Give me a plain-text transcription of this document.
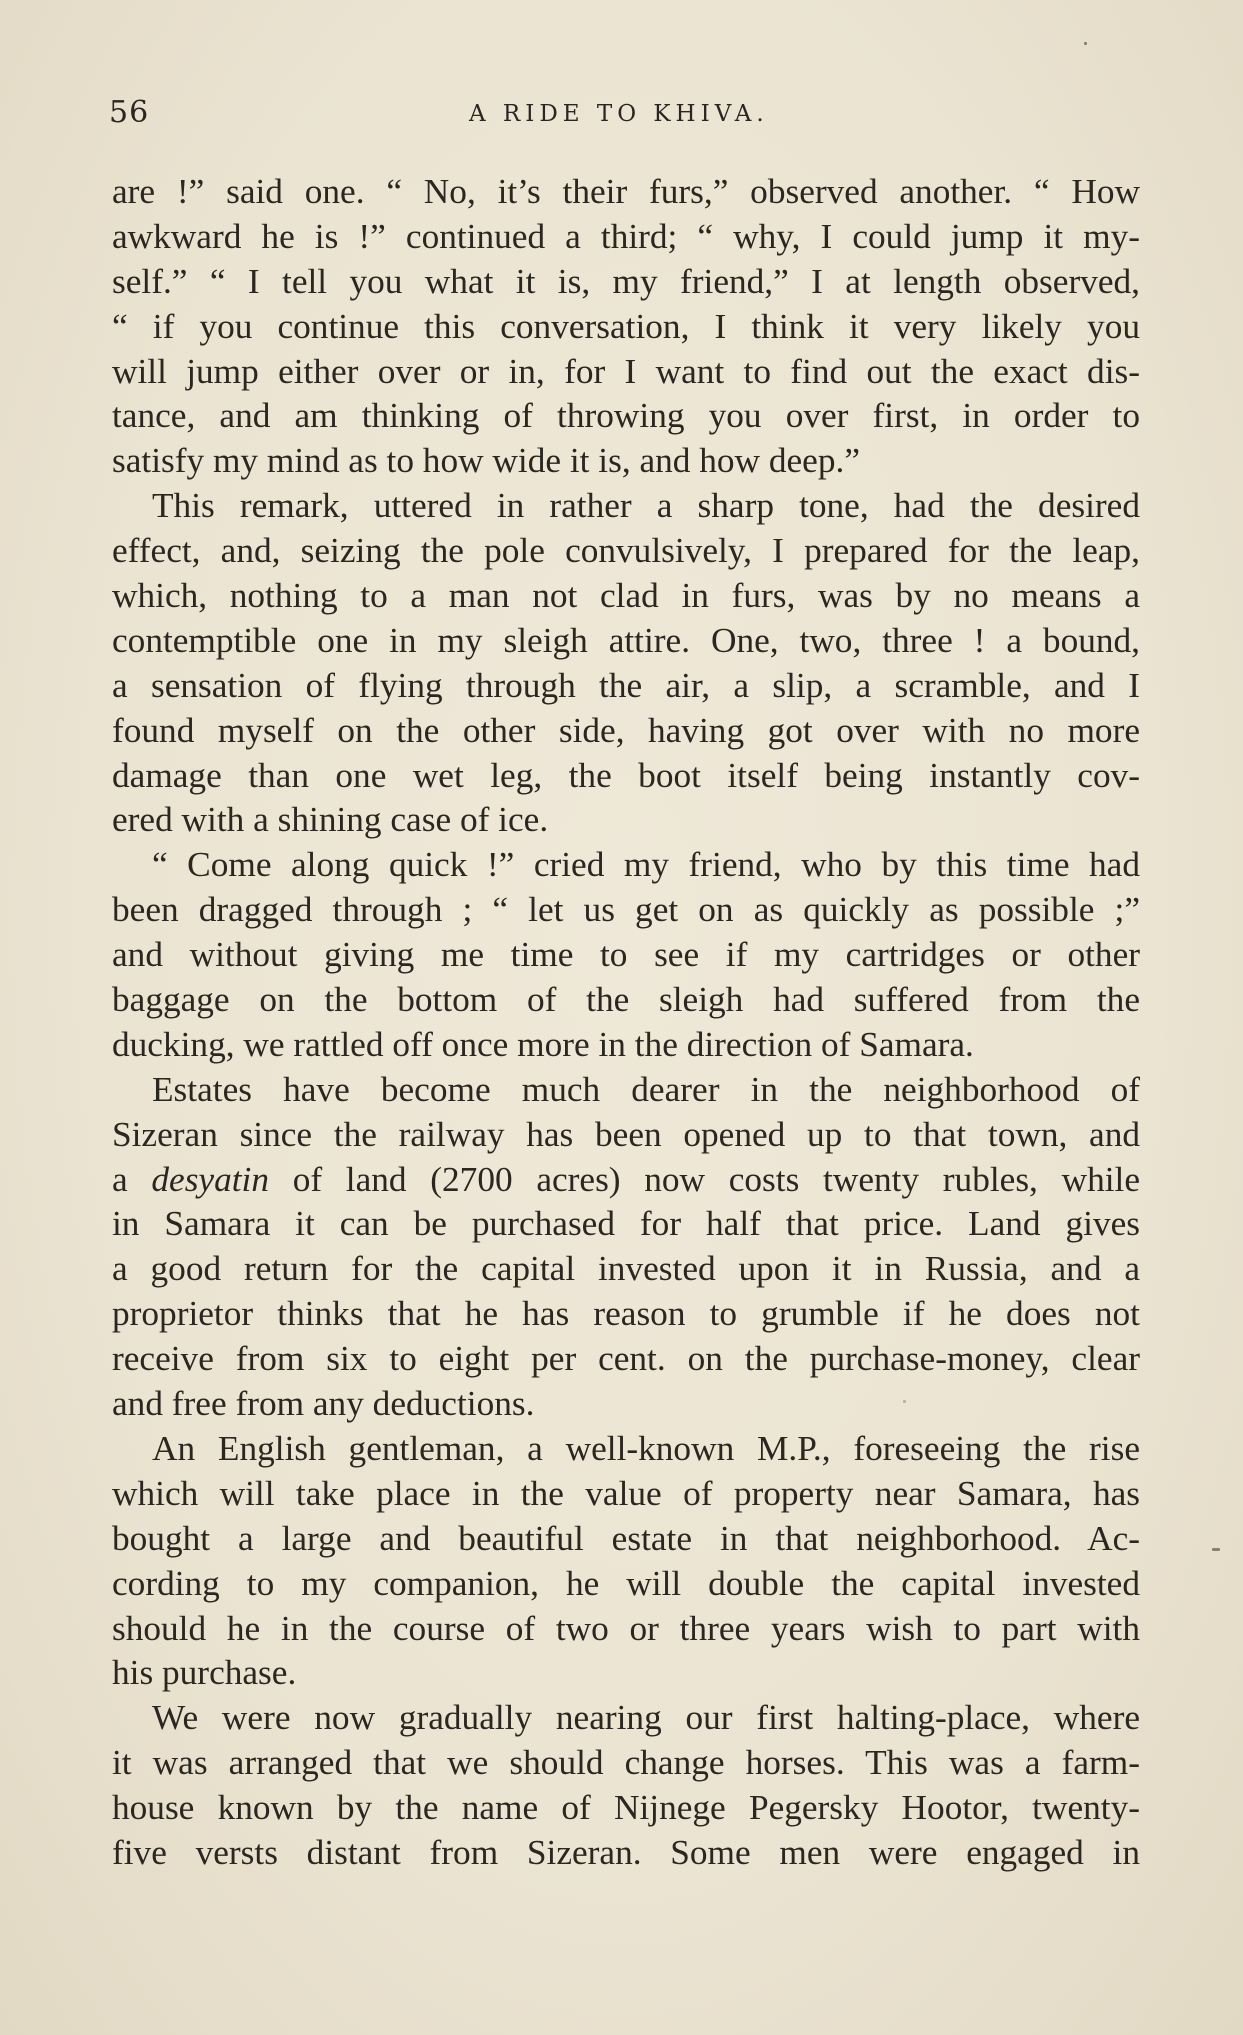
56	A RIDE TO KHIVA.
are !” said one. “ No, it’s their furs,” observed another. “ How
awkward he is !” continued a third; “ why, I could jump it my-
self.” “ I tell you what it is, my friend,” I at length observed,
“ if you continue this conversation, I think it very likely you
will jump either over or in, for I want to find out the exact dis-
tance, and am thinking of throwing you over first, in order to
satisfy my mind as to how wide it is, and how deep.”
This remark, uttered in rather a sharp tone, had the desired
effect, and, seizing the pole convulsively, I prepared for the leap,
which, nothing to a man not clad in furs, was by no means a
contemptible one in my sleigh attire. One, two, three ! a bound,
a sensation of flying through the air, a slip, a scramble, and I
found myself on the other side, having got over with no more
damage than one wet leg, the boot itself being instantly cov-
ered with a shining case of ice.
“ Come along quick !” cried my friend, who by this time had
been dragged through ; “ let us get on as quickly as possible ;”
and without giving me time to see if my cartridges or other
baggage on the bottom of the sleigh had suffered from the
ducking, we rattled off once more in the direction of Samara.
Estates have become much dearer in the neighborhood of
Sizeran since the railway has been opened up to that town, and
a desyatin of land (2700 acres) now costs twenty rubles, while
in Samara it can be purchased for half that price. Land gives
a good return for the capital invested upon it in Russia, and a
proprietor thinks that he has reason to grumble if he does not
receive from six to eight per cent. on the purchase-money, clear
and free from any deductions.
An English gentleman, a well-known M.P., foreseeing the rise
which will take place in the value of property near Samara, has
bought a large and beautiful estate in that neighborhood. Ac-
cording to my companion, he will double the capital invested
should he in the course of two or three years wish to part with
his purchase.
We were now gradually nearing our first halting-place, where
it was arranged that we should change horses. This was a farm-
house known by the name of Nijnege Pegersky Hootor, twenty-
five versts distant from Sizeran. Some men were engaged in
